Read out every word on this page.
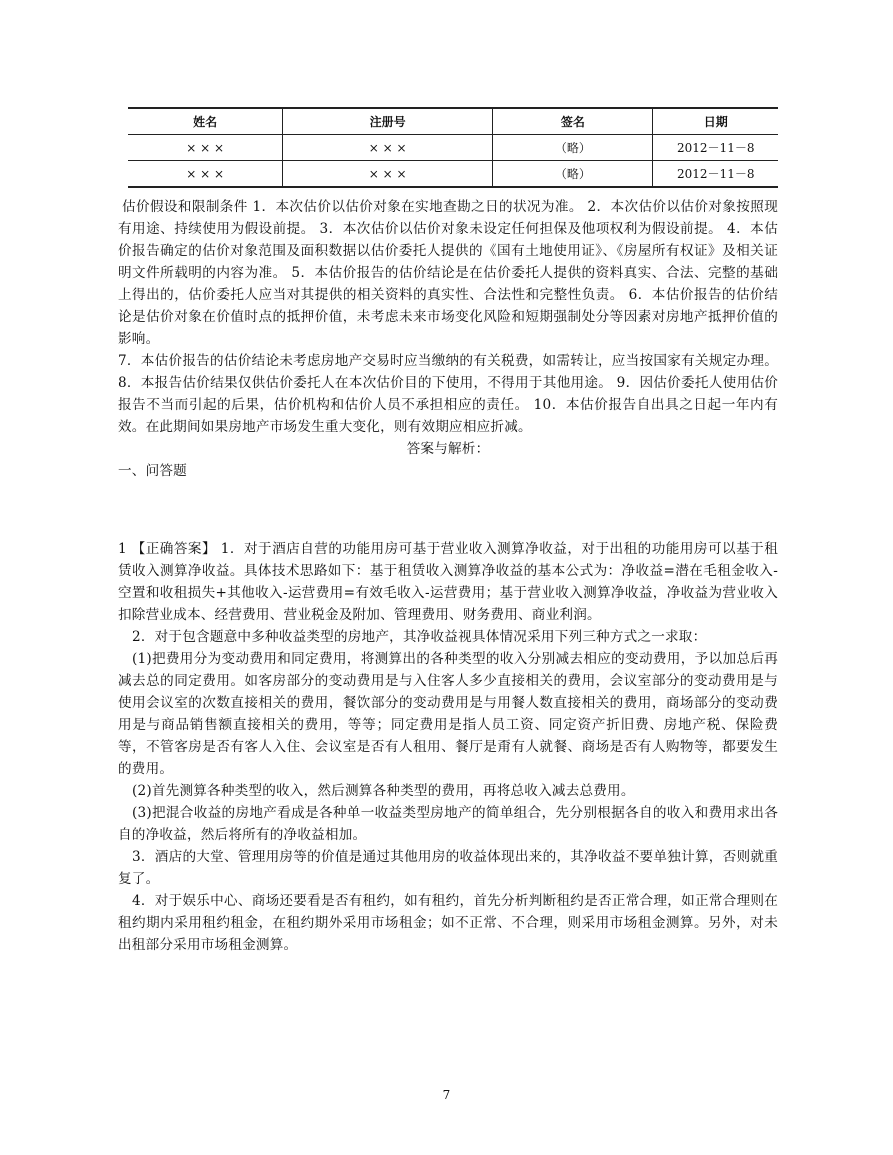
姓名	注册号	签名	日期
× × ×	× × ×	（略）	2012－11－8
× × ×	× × ×	（略）	2012－11－8

估价假设和限制条件 1．本次估价以估价对象在实地查勘之日的状况为准。 2．本次估价以估价对象按照现有用途、持续使用为假设前提。 3．本次估价以估价对象未设定任何担保及他项权利为假设前提。 4．本估价报告确定的估价对象范围及面积数据以估价委托人提供的《国有土地使用证》、《房屋所有权证》及相关证明文件所载明的内容为准。 5．本估价报告的估价结论是在估价委托人提供的资料真实、合法、完整的基础上得出的，估价委托人应当对其提供的相关资料的真实性、合法性和完整性负责。 6．本估价报告的估价结论是估价对象在价值时点的抵押价值，未考虑未来市场变化风险和短期强制处分等因素对房地产抵押价值的影响。

7．本估价报告的估价结论未考虑房地产交易时应当缴纳的有关税费，如需转让，应当按国家有关规定办理。 8．本报告估价结果仅供估价委托人在本次估价目的下使用，不得用于其他用途。 9．因估价委托人使用估价报告不当而引起的后果，估价机构和估价人员不承担相应的责任。 10．本估价报告自出具之日起一年内有效。在此期间如果房地产市场发生重大变化，则有效期应相应折减。

答案与解析：

一、问答题

1 【正确答案】 1．对于酒店自营的功能用房可基于营业收入测算净收益，对于出租的功能用房可以基于租赁收入测算净收益。具体技术思路如下：基于租赁收入测算净收益的基本公式为：净收益=潜在毛租金收入-空置和收租损失+其他收入-运营费用=有效毛收入-运营费用；基于营业收入测算净收益，净收益为营业收入扣除营业成本、经营费用、营业税金及附加、管理费用、财务费用、商业利润。

2．对于包含题意中多种收益类型的房地产，其净收益视具体情况采用下列三种方式之一求取：

(1)把费用分为变动费用和同定费用，将测算出的各种类型的收入分别减去相应的变动费用，予以加总后再减去总的同定费用。如客房部分的变动费用是与入住客人多少直接相关的费用，会议室部分的变动费用是与使用会议室的次数直接相关的费用，餐饮部分的变动费用是与用餐人数直接相关的费用，商场部分的变动费用是与商品销售额直接相关的费用，等等；同定费用是指人员工资、同定资产折旧费、房地产税、保险费等，不管客房是否有客人入住、会议室是否有人租用、餐厅是甭有人就餐、商场是否有人购物等，都要发生的费用。

(2)首先测算各种类型的收入，然后测算各种类型的费用，再将总收入减去总费用。

(3)把混合收益的房地产看成是各种单一收益类型房地产的简单组合，先分别根据各自的收入和费用求出各自的净收益，然后将所有的净收益相加。

3．酒店的大堂、管理用房等的价值是通过其他用房的收益体现出来的，其净收益不要单独计算，否则就重复了。

4．对于娱乐中心、商场还要看是否有租约，如有租约，首先分析判断租约是否正常合理，如正常合理则在租约期内采用租约租金，在租约期外采用市场租金；如不正常、不合理，则采用市场租金测算。另外，对未出租部分采用市场租金测算。

7
